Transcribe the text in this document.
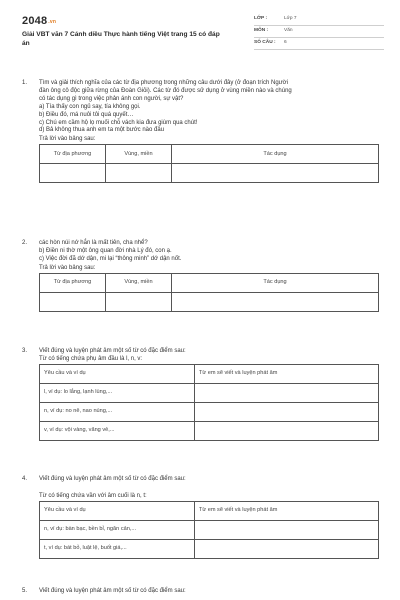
$2048^{.vn}$
Giải VBT văn 7 Cánh diều Thực hành tiếng Việt trang 15 có đáp án
LỚP :	Lớp 7
MÔN :	Văn
SỐ CÂU :	6
1. Tìm và giải thích nghĩa của các từ địa phương trong những câu dưới đây (ở đoạn trích Người
đàn ông cô độc giữa rừng của Đoàn Giỏi). Các từ đó được sử dụng ở vùng miền nào và chúng
có tác dụng gì trong việc phản ánh con người, sự vật?
a) Tía thấy con ngủ say, tía không gọi.
b) Điều đó, má nuôi tôi quá quyết…
c) Chú em cầm hộ lọ muối chỗ vách kia đưa giùm qua chút!
d) Bả không thua anh em ta một bước nào đâu
Trả lời vào bảng sau:
Từ địa phương	Vùng, miền	Tác dụng

2. các hòn núi nớ hắn là mất tiên, cha nhể?
b) Điền ni thờ một ông quan đời nhà Lý đó, con ạ.
c) Việc đời đã dớ dận, mi lại “thông minh” dớ dận nốt.
Trả lời vào bảng sau:
Từ địa phương	Vùng, miền	Tác dụng

3. Viết đúng và luyện phát âm một số từ có đặc điểm sau:
Từ có tiếng chứa phụ âm đầu là l, n, v:
Yêu cầu và ví dụ	Từ em sẽ viết và luyện phát âm
l, ví dụ: lo lắng, lạnh lùng,...	
n, ví dụ: no nê, nao núng,...	
v, ví dụ: vội vàng, vãng vẻ,...	
4. Viết đúng và luyện phát âm một số từ có đặc điểm sau:
Từ có tiếng chứa vần với âm cuối là n, t:
Yêu cầu và ví dụ	Từ em sẽ viết và luyện phát âm
n, ví dụ: bàn bạc, bền bỉ, ngăn cản,...	
t, ví dụ: bát bỏ, luật lệ, buốt giá,...	
5. Viết đúng và luyện phát âm một số từ có đặc điểm sau:
